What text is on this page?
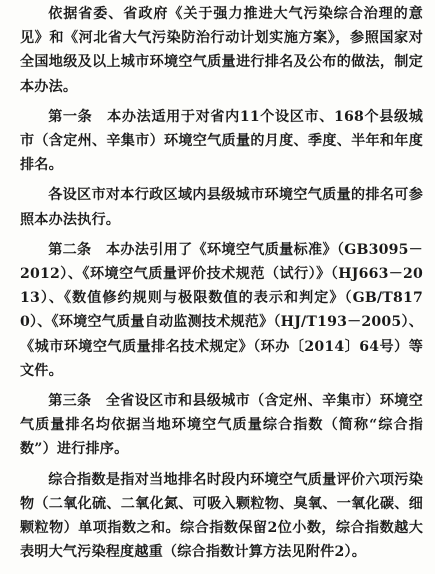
依据省委、省政府《关于强力推进大气污染综合治理的意见》和《河北省大气污染防治行动计划实施方案》，参照国家对全国地级及以上城市环境空气质量进行排名及公布的做法，制定本办法。

第一条　 本办法适用于对省内11个设区市、168个县级城市（含定州、辛集市）环境空气质量的月度、季度、半年和年度排名。

各设区市对本行政区域内县级城市环境空气质量的排名可参照本办法执行。

第二条　 本办法引用了《环境空气质量标准》（GB3095－2012）、《环境空气质量评价技术规范（试行）》（HJ663－2013）、《数值修约规则与极限数值的表示和判定》（GB/T8170）、《环境空气质量自动监测技术规范》（HJ/T193－2005）、《城市环境空气质量排名技术规定》（环办〔2014〕64号）等文件。

第三条　 全省设区市和县级城市（含定州、辛集市）环境空气质量排名均依据当地环境空气质量综合指数（简称“综合指数”）进行排序。

综合指数是指对当地排名时段内环境空气质量评价六项污染物（二氧化硫、二氧化氮、可吸入颗粒物、臭氧、一氧化碳、细颗粒物）单项指数之和。综合指数保留2位小数，综合指数越大表明大气污染程度越重（综合指数计算方法见附件2）。
